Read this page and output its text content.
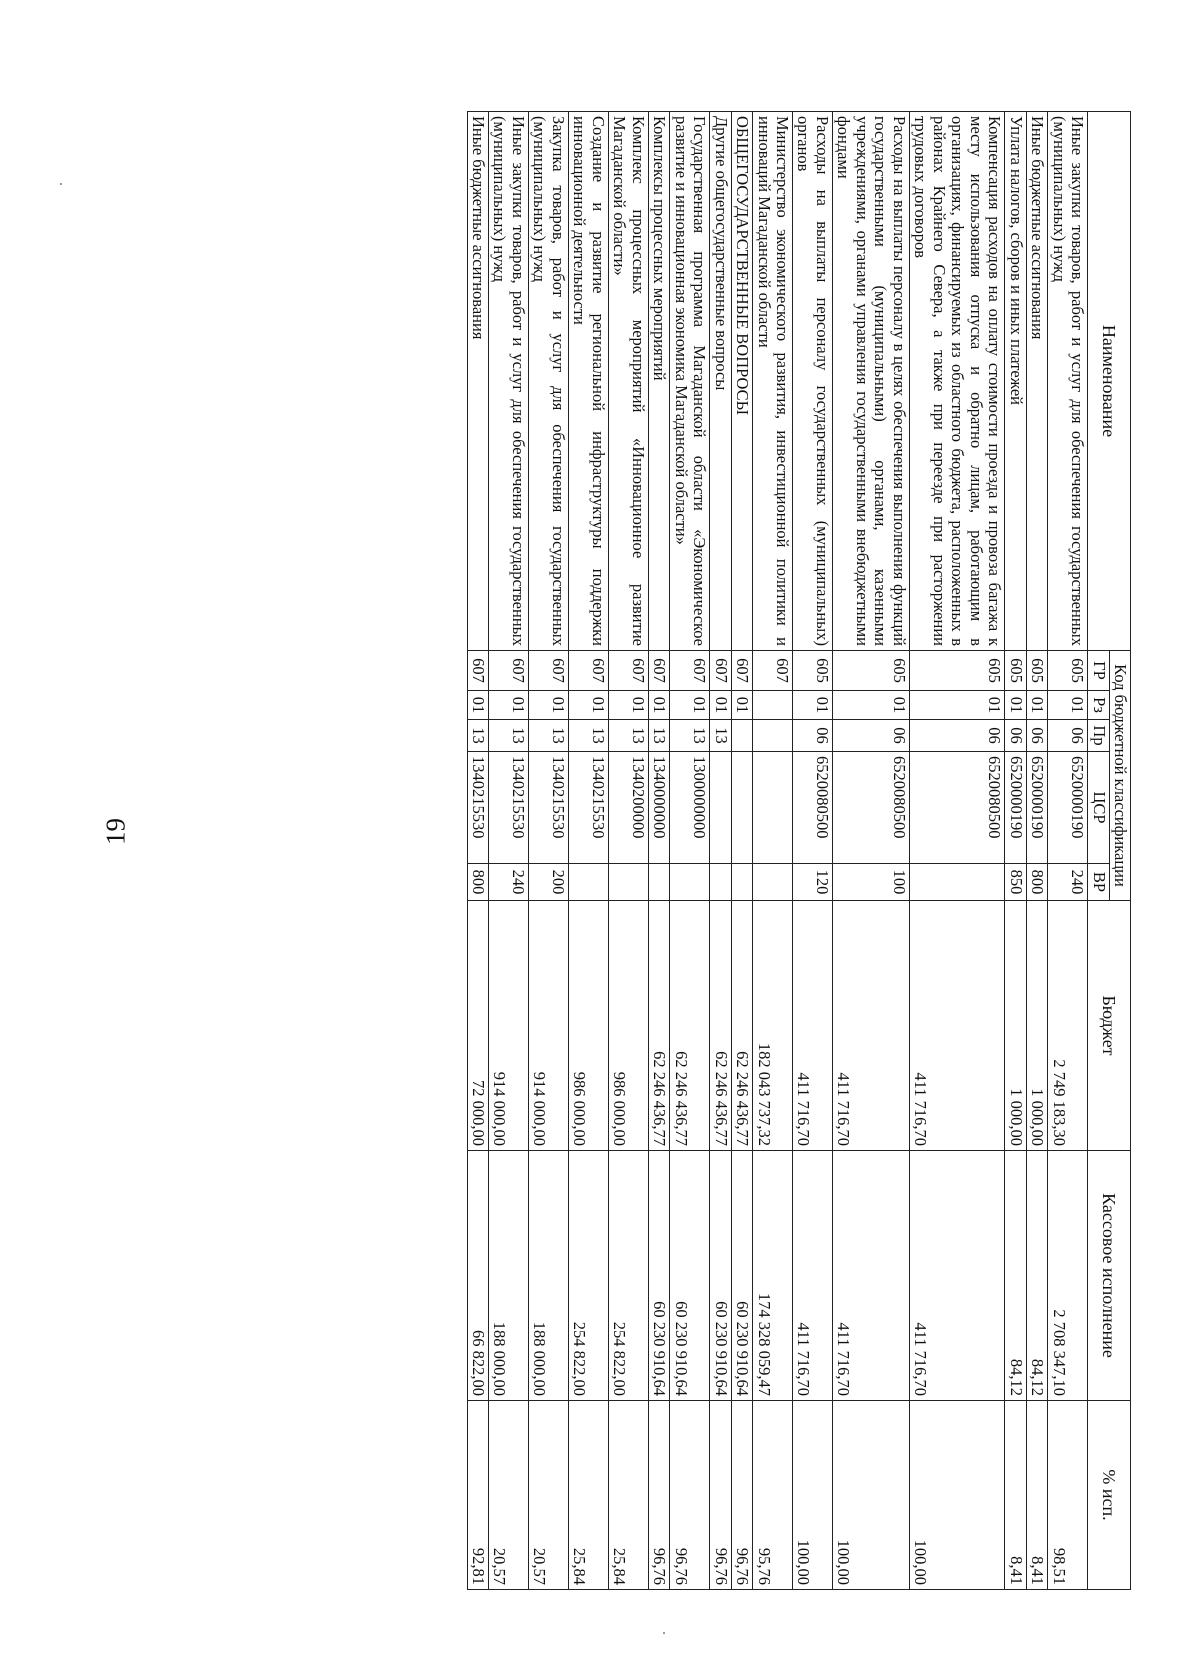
19
Наименование	Код бюджетной классификации					Бюджет	Кассовое исполнение	% исп.
	ГР	Рз	Пр	ЦСР	ВР			
Иные закупки товаров, работ и услуг для обеспечения государственных (муниципальных) нужд	605	01	06	6520000190	240	2 749 183,30	2 708 347,10	98,51
Иные бюджетные ассигнования	605	01	06	6520000190	800	1 000,00	84,12	8,41
Уплата налогов, сборов и иных платежей	605	01	06	6520000190	850	1 000,00	84,12	8,41
Компенсация расходов на оплату стоимости проезда и провоза багажа к месту использования отпуска и обратно лицам, работающим в организациях, финансируемых из областного бюджета, расположенных в районах Крайнего Севера, а также при переезде при расторжении трудовых договоров	605	01	06	6520080500		411 716,70	411 716,70	100,00
Расходы на выплаты персоналу в целях обеспечения выполнения функций государственными (муниципальными) органами, казенными учреждениями, органами управления государственными внебюджетными фондами	605	01	06	6520080500	100	411 716,70	411 716,70	100,00
Расходы на выплаты персоналу государственных (муниципальных) органов	605	01	06	6520080500	120	411 716,70	411 716,70	100,00
Министерство экономического развития, инвестиционной политики и инноваций Магаданской области	607					182 043 737,32	174 328 059,47	95,76
ОБЩЕГОСУДАРСТВЕННЫЕ ВОПРОСЫ	607	01				62 246 436,77	60 230 910,64	96,76
Другие общегосударственные вопросы	607	01	13			62 246 436,77	60 230 910,64	96,76
Государственная программа Магаданской области «Экономическое развитие и инновационная экономика Магаданской области»	607	01	13	1300000000		62 246 436,77	60 230 910,64	96,76
Комплексы процессных мероприятий	607	01	13	1340000000		62 246 436,77	60 230 910,64	96,76
Комплекс процессных мероприятий «Инновационное развитие Магаданской области»	607	01	13	1340200000		986 000,00	254 822,00	25,84
Создание и развитие региональной инфраструктуры поддержки инновационной деятельности	607	01	13	1340215530		986 000,00	254 822,00	25,84
Закупка товаров, работ и услуг для обеспечения государственных (муниципальных) нужд	607	01	13	1340215530	200	914 000,00	188 000,00	20,57
Иные закупки товаров, работ и услуг для обеспечения государственных (муниципальных) нужд	607	01	13	1340215530	240	914 000,00	188 000,00	20,57
Иные бюджетные ассигнования	607	01	13	1340215530	800	72 000,00	66 822,00	92,81
